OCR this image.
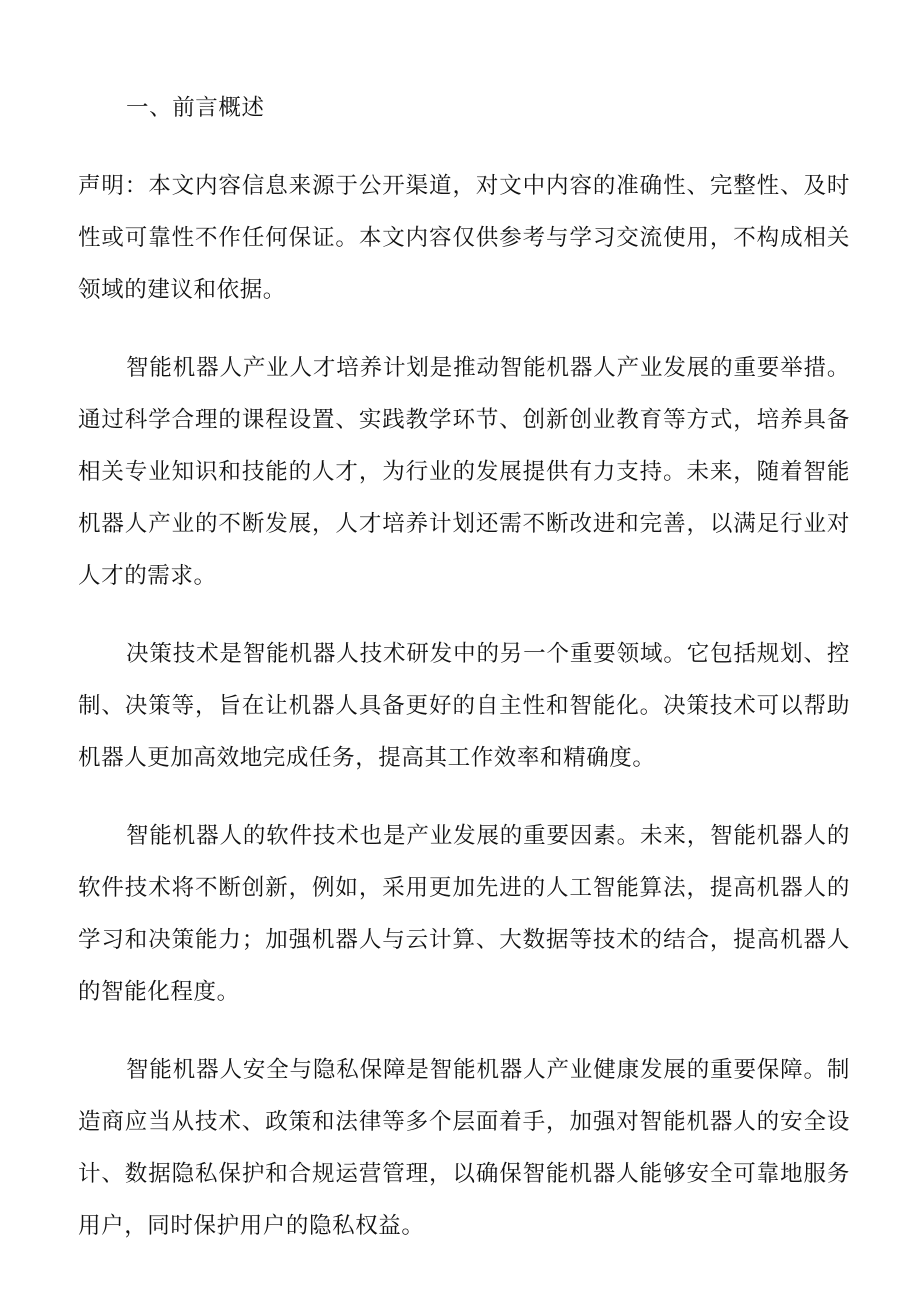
一、前言概述

声明：本文内容信息来源于公开渠道，对文中内容的准确性、完整性、及时性或可靠性不作任何保证。本文内容仅供参考与学习交流使用，不构成相关领域的建议和依据。

智能机器人产业人才培养计划是推动智能机器人产业发展的重要举措。通过科学合理的课程设置、实践教学环节、创新创业教育等方式，培养具备相关专业知识和技能的人才，为行业的发展提供有力支持。未来，随着智能机器人产业的不断发展，人才培养计划还需不断改进和完善，以满足行业对人才的需求。

决策技术是智能机器人技术研发中的另一个重要领域。它包括规划、控制、决策等，旨在让机器人具备更好的自主性和智能化。决策技术可以帮助机器人更加高效地完成任务，提高其工作效率和精确度。

智能机器人的软件技术也是产业发展的重要因素。未来，智能机器人的软件技术将不断创新，例如，采用更加先进的人工智能算法，提高机器人的学习和决策能力；加强机器人与云计算、大数据等技术的结合，提高机器人的智能化程度。

智能机器人安全与隐私保障是智能机器人产业健康发展的重要保障。制造商应当从技术、政策和法律等多个层面着手，加强对智能机器人的安全设计、数据隐私保护和合规运营管理，以确保智能机器人能够安全可靠地服务用户，同时保护用户的隐私权益。
